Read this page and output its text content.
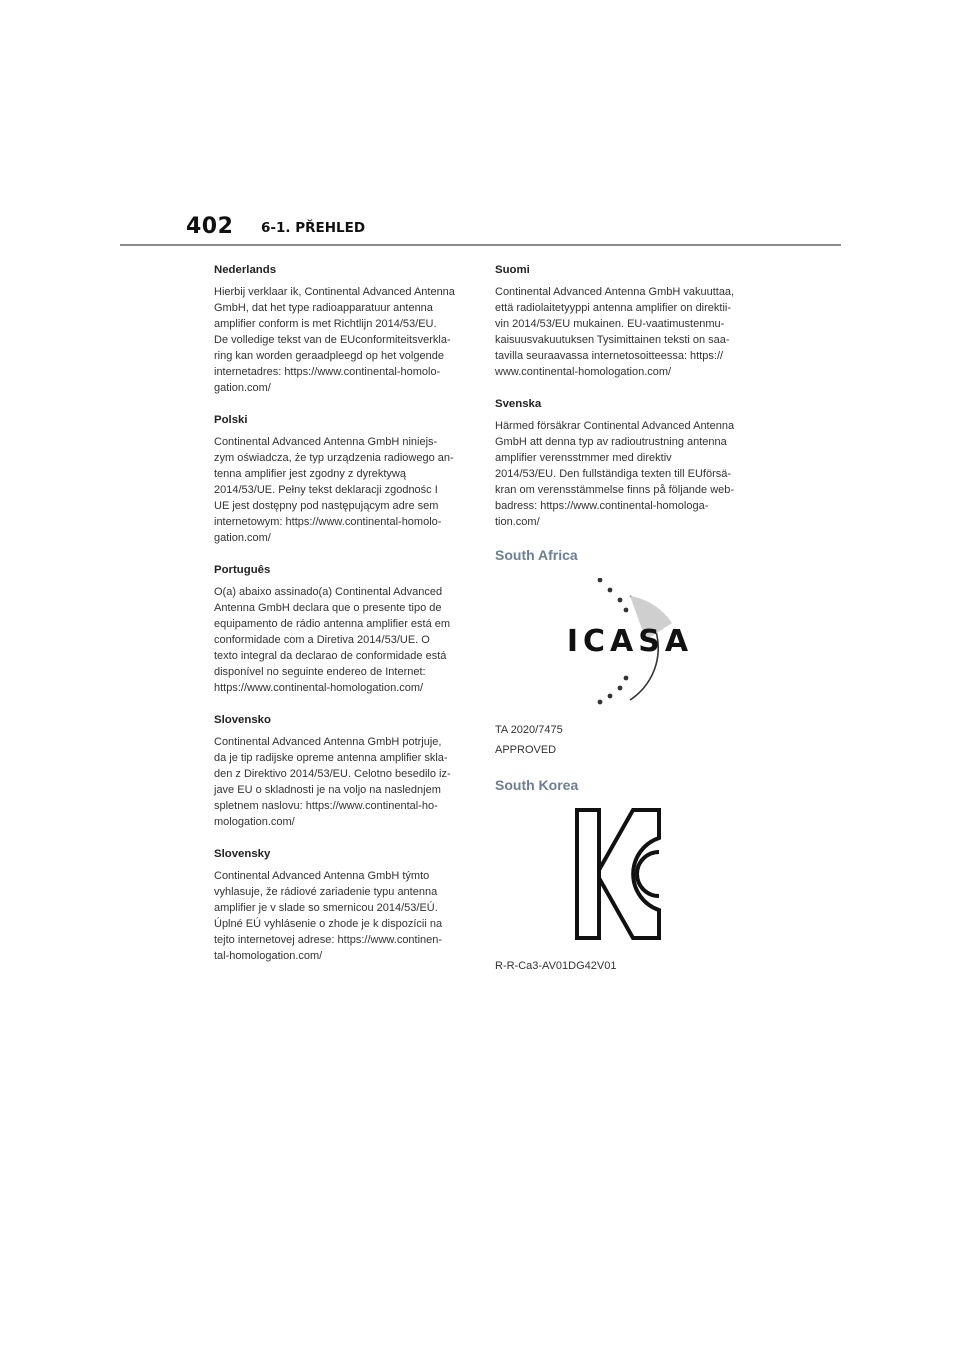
402 6-1. PŘEHLED
Nederlands
Hierbij verklaar ik, Continental Advanced Antenna
GmbH, dat het type radioapparatuur antenna
amplifier conform is met Richtlijn 2014/53/EU.
De volledige tekst van de EUconformiteitsverkla-
ring kan worden geraadpleegd op het volgende
internetadres: https://www.continental-homolo-
gation.com/
Polski
Continental Advanced Antenna GmbH niniejs-
zym oświadcza, że typ urządzenia radiowego an-
tenna amplifier jest zgodny z dyrektywą
2014/53/UE. Pełny tekst deklaracji zgodnośc I
UE jest dostępny pod następującym adre sem
internetowym: https://www.continental-homolo-
gation.com/
Português
O(a) abaixo assinado(a) Continental Advanced
Antenna GmbH declara que o presente tipo de
equipamento de rádio antenna amplifier está em
conformidade com a Diretiva 2014/53/UE. O
texto integral da declarao de conformidade está
disponível no seguinte endereo de Internet:
https://www.continental-homologation.com/
Slovensko
Continental Advanced Antenna GmbH potrjuje,
da je tip radijske opreme antenna amplifier skla-
den z Direktivo 2014/53/EU. Celotno besedilo iz-
jave EU o skladnosti je na voljo na naslednjem
spletnem naslovu: https://www.continental-ho-
mologation.com/
Slovensky
Continental Advanced Antenna GmbH týmto
vyhlasuje, že rádiové zariadenie typu antenna
amplifier je v slade so smernicou 2014/53/EÚ.
Úplné EÚ vyhlásenie o zhode je k dispozícii na
tejto internetovej adrese: https://www.continen-
tal-homologation.com/
Suomi
Continental Advanced Antenna GmbH vakuuttaa,
että radiolaitetyyppi antenna amplifier on direktii-
vin 2014/53/EU mukainen. EU-vaatimustenmu-
kaisuusvakuutuksen Tysimittainen teksti on saa-
tavilla seuraavassa internetosoitteessa: https://
www.continental-homologation.com/
Svenska
Härmed försäkrar Continental Advanced Antenna
GmbH att denna typ av radioutrustning antenna
amplifier verensstmmer med direktiv
2014/53/EU. Den fullständiga texten till EUförsä-
kran om verensstämmelse finns på följande web-
badress: https://www.continental-homologa-
tion.com/
South Africa
ICASA
TA 2020/7475
APPROVED
South Korea
R-R-Ca3-AV01DG42V01
